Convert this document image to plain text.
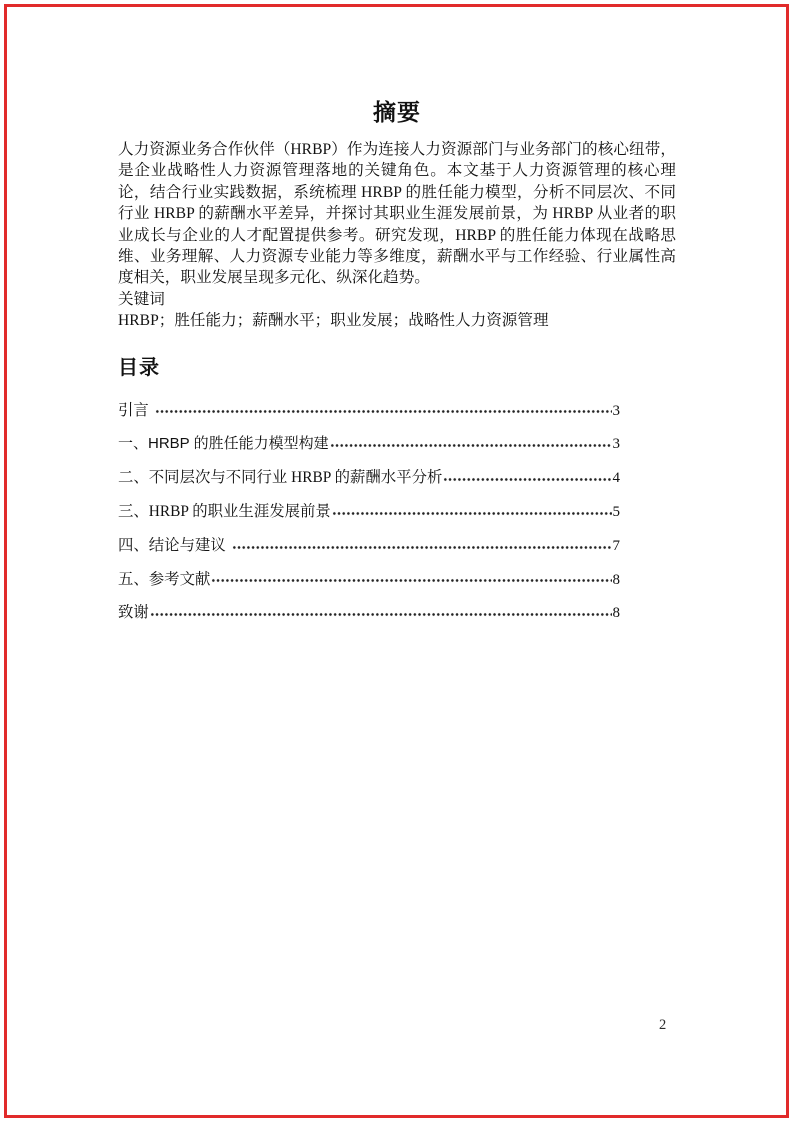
摘要

人力资源业务合作伙伴（HRBP）作为连接人力资源部门与业务部门的核心纽带，是企业战略性人力资源管理落地的关键角色。本文基于人力资源管理的核心理论，结合行业实践数据，系统梳理 HRBP 的胜任能力模型，分析不同层次、不同行业 HRBP 的薪酬水平差异，并探讨其职业生涯发展前景，为 HRBP 从业者的职业成长与企业的人才配置提供参考。研究发现，HRBP 的胜任能力体现在战略思维、业务理解、人力资源专业能力等多维度，薪酬水平与工作经验、行业属性高度相关，职业发展呈现多元化、纵深化趋势。

关键词
HRBP；胜任能力；薪酬水平；职业发展；战略性人力资源管理
目录
引言	3
一、HRBP 的胜任能力模型构建	3
二、不同层次与不同行业 HRBP 的薪酬水平分析	4
三、HRBP 的职业生涯发展前景	5
四、结论与建议	7
五、参考文献	8
致谢	8
2
